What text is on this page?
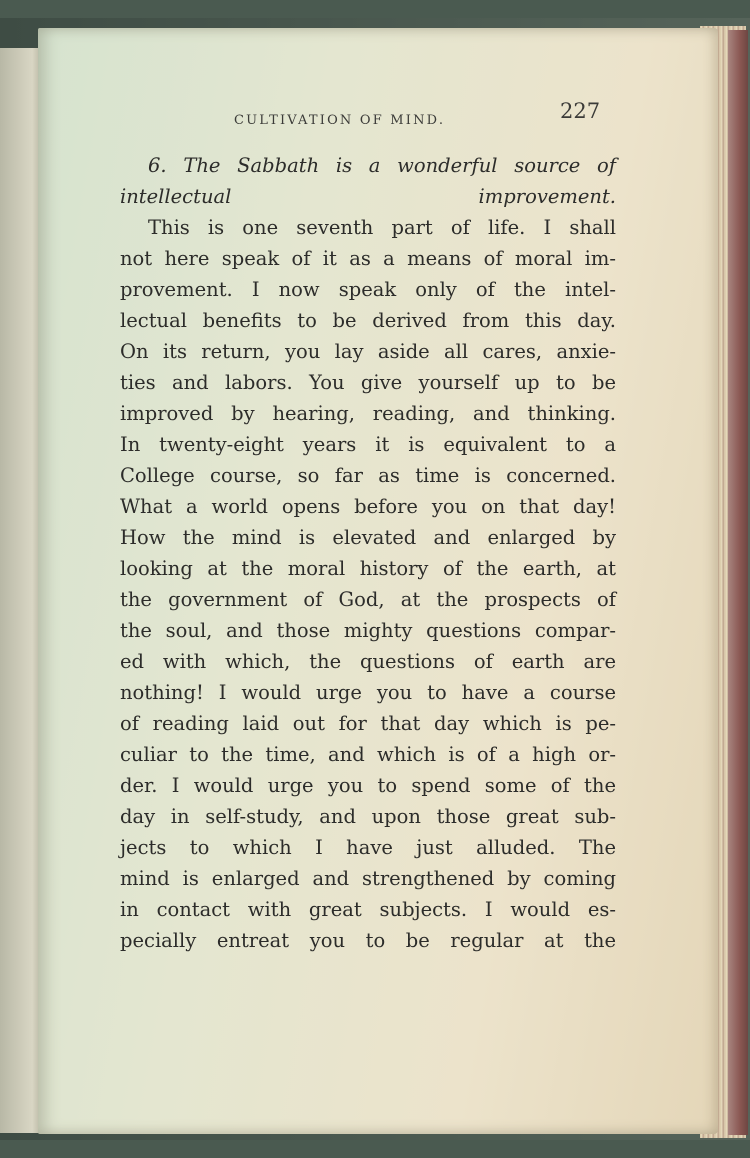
CULTIVATION OF MIND.	227
6. The Sabbath is a wonderful source of
intellectual improvement.
This is one seventh part of life. I shall
not here speak of it as a means of moral im-
provement. I now speak only of the intel-
lectual benefits to be derived from this day.
On its return, you lay aside all cares, anxie-
ties and labors. You give yourself up to be
improved by hearing, reading, and thinking.
In twenty-eight years it is equivalent to a
College course, so far as time is concerned.
What a world opens before you on that day!
How the mind is elevated and enlarged by
looking at the moral history of the earth, at
the government of God, at the prospects of
the soul, and those mighty questions compar-
ed with which, the questions of earth are
nothing! I would urge you to have a course
of reading laid out for that day which is pe-
culiar to the time, and which is of a high or-
der. I would urge you to spend some of the
day in self-study, and upon those great sub-
jects to which I have just alluded. The
mind is enlarged and strengthened by coming
in contact with great subjects. I would es-
pecially entreat you to be regular at the
